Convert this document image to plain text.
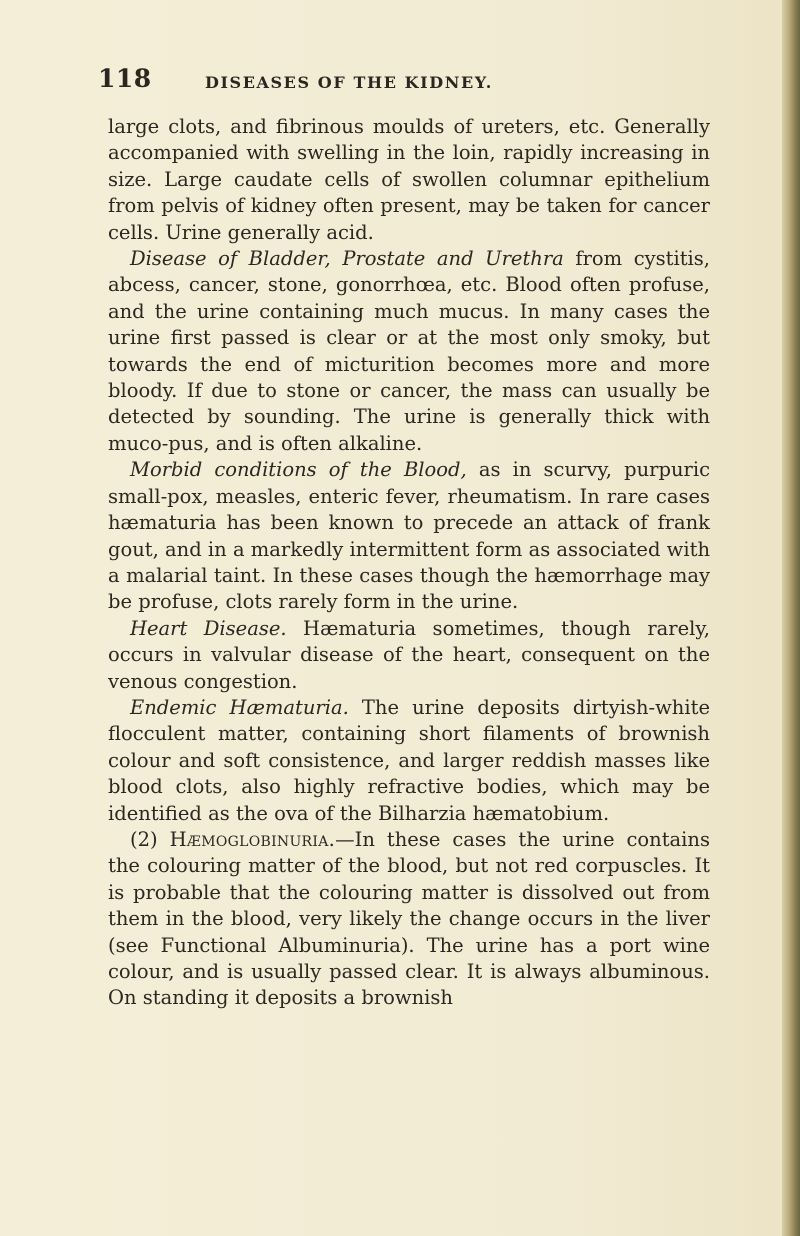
118	DISEASES OF THE KIDNEY.

large clots, and fibrinous moulds of ureters, etc. Generally accompanied with swelling in the loin, rapidly increasing in size. Large caudate cells of swollen columnar epithelium from pelvis of kidney often present, may be taken for cancer cells. Urine generally acid.

Disease of Bladder, Prostate and Urethra from cystitis, abcess, cancer, stone, gonorrhœa, etc. Blood often profuse, and the urine containing much mucus. In many cases the urine first passed is clear or at the most only smoky, but towards the end of micturition becomes more and more bloody. If due to stone or cancer, the mass can usually be detected by sounding. The urine is generally thick with muco-pus, and is often alkaline.

Morbid conditions of the Blood, as in scurvy, purpuric small-pox, measles, enteric fever, rheumatism. In rare cases hæmaturia has been known to precede an attack of frank gout, and in a markedly intermittent form as associated with a malarial taint. In these cases though the hæmorrhage may be profuse, clots rarely form in the urine.

Heart Disease. Hæmaturia sometimes, though rarely, occurs in valvular disease of the heart, consequent on the venous congestion.

Endemic Hæmaturia. The urine deposits dirtyish-white flocculent matter, containing short filaments of brownish colour and soft consistence, and larger reddish masses like blood clots, also highly refractive bodies, which may be identified as the ova of the Bilharzia hæmatobium.

(2) Hæmoglobinuria.—In these cases the urine contains the colouring matter of the blood, but not red corpuscles. It is probable that the colouring matter is dissolved out from them in the blood, very likely the change occurs in the liver (see Functional Albuminuria). The urine has a port wine colour, and is usually passed clear. It is always albuminous. On standing it deposits a brownish
